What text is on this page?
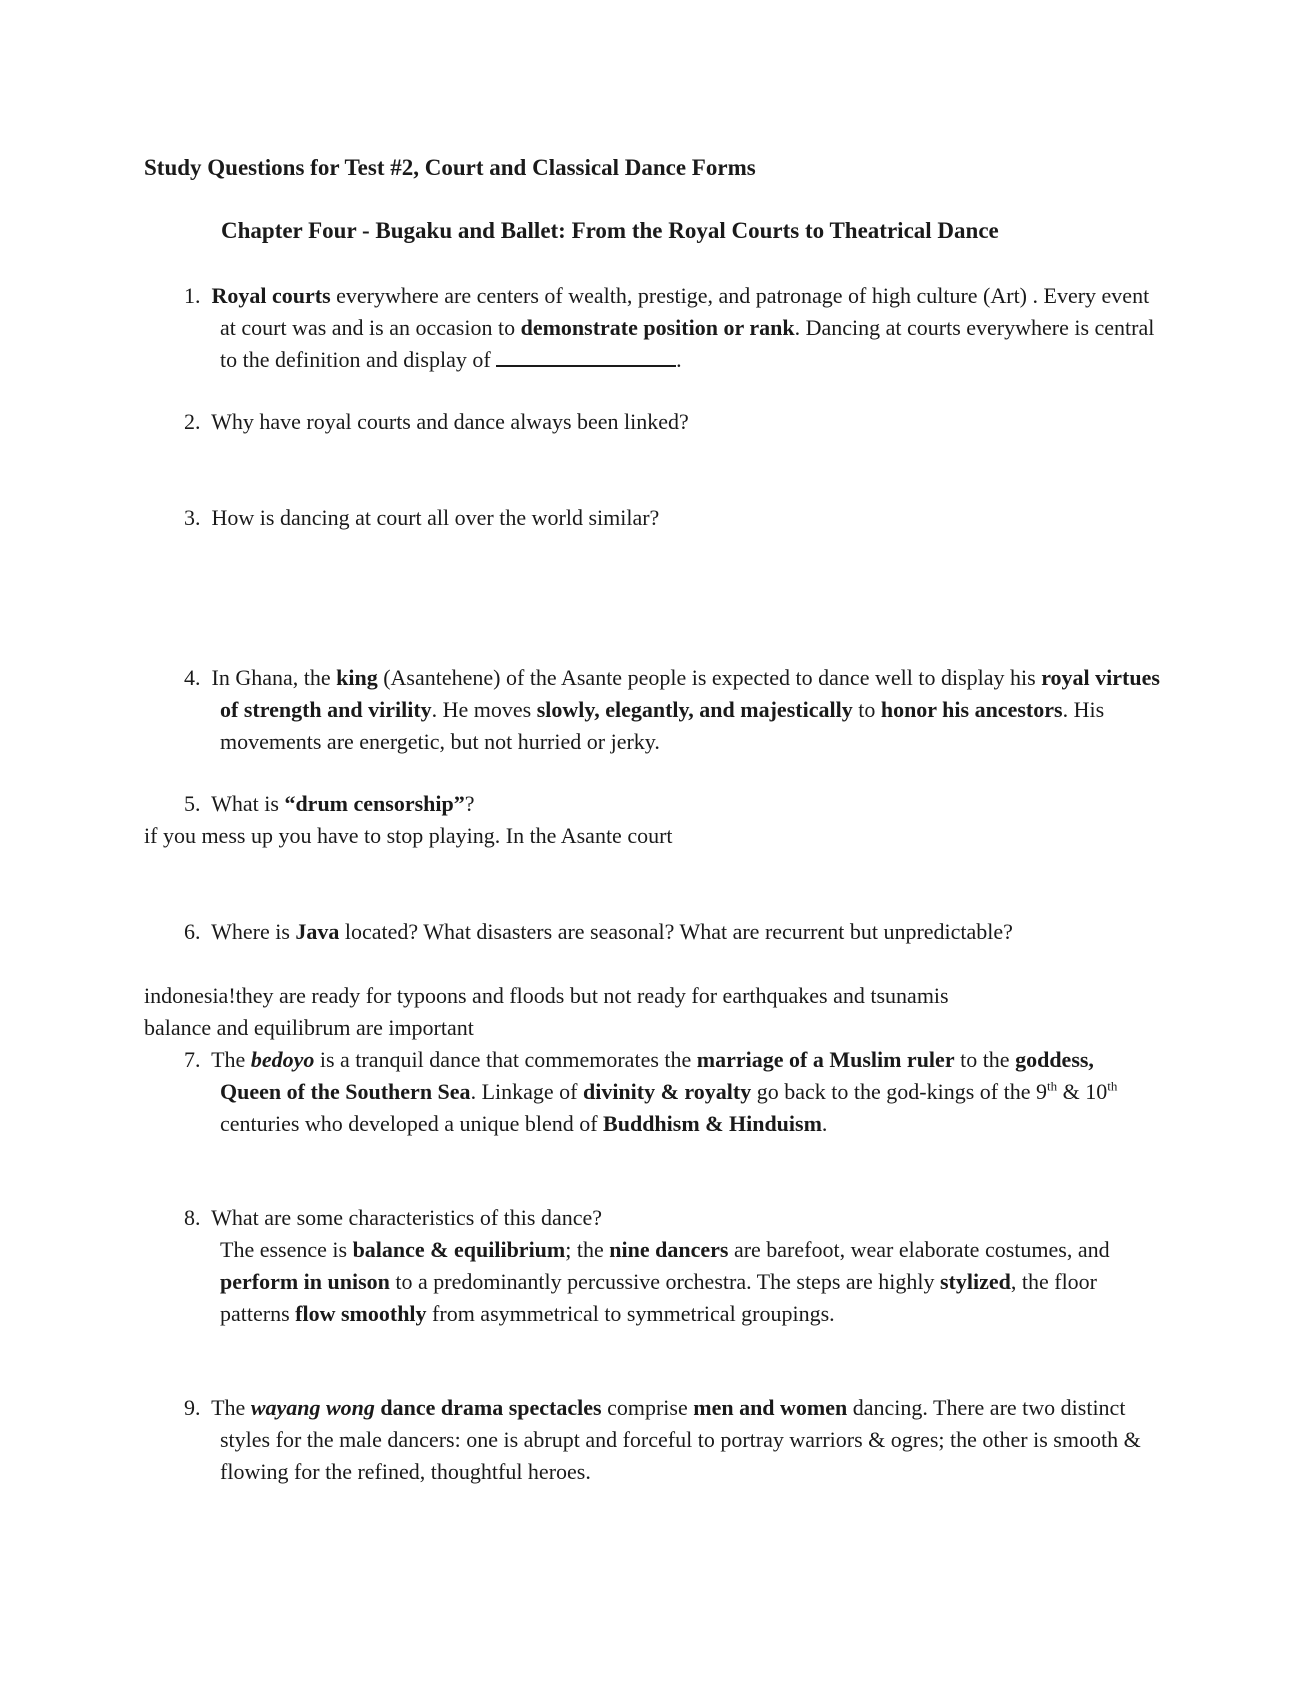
Study Questions for Test #2, Court and Classical Dance Forms

Chapter Four - Bugaku and Ballet: From the Royal Courts to Theatrical Dance

1. Royal courts everywhere are centers of wealth, prestige, and patronage of high culture (Art) . Every event at court was and is an occasion to demonstrate position or rank. Dancing at courts everywhere is central to the definition and display of	.
2. Why have royal courts and dance always been linked?
3. How is dancing at court all over the world similar?
4. In Ghana, the king (Asantehene) of the Asante people is expected to dance well to display his royal virtues of strength and virility. He moves slowly, elegantly, and majestically to honor his ancestors. His movements are energetic, but not hurried or jerky.
5. What is “drum censorship”?
if you mess up you have to stop playing. In the Asante court
6. Where is Java located? What disasters are seasonal? What are recurrent but unpredictable?
indonesia!they are ready for typoons and floods but not ready for earthquakes and tsunamis
balance and equilibrum are important
7. The bedoyo is a tranquil dance that commemorates the marriage of a Muslim ruler to the goddess, Queen of the Southern Sea. Linkage of divinity & royalty go back to the god-kings of the 9th & 10th centuries who developed a unique blend of Buddhism & Hinduism.
8. What are some characteristics of this dance?
The essence is balance & equilibrium; the nine dancers are barefoot, wear elaborate costumes, and perform in unison to a predominantly percussive orchestra. The steps are highly stylized, the floor patterns flow smoothly from asymmetrical to symmetrical groupings.
9. The wayang wong dance drama spectacles comprise men and women dancing. There are two distinct styles for the male dancers: one is abrupt and forceful to portray warriors & ogres; the other is smooth & flowing for the refined, thoughtful heroes.
